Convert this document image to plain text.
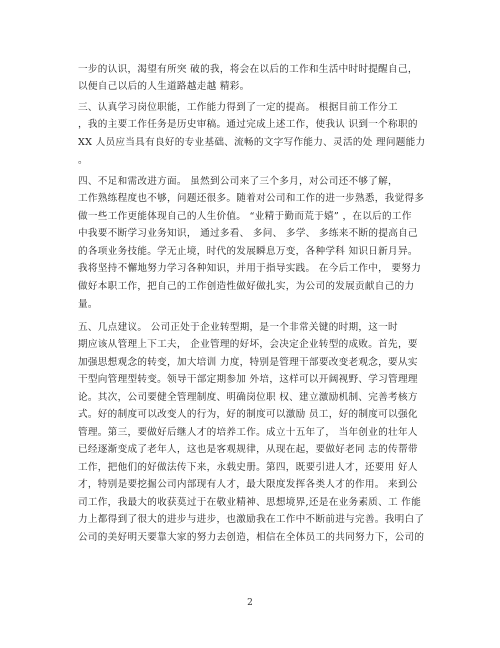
一步的认识，渴望有所突 破的我，将会在以后的工作和生活中时时提醒自己，
以便自己以后的人生道路越走越 精彩。
三、认真学习岗位职能，工作能力得到了一定的提高。 根据目前工作分工
，我的主要工作任务是历史审稿。通过完成上述工作，使我认 识到一个称职的
XX 人员应当具有良好的专业基础、流畅的文字写作能力、灵活的处 理问题能力
。
四、不足和需改进方面。 虽然到公司来了三个多月，对公司还不够了解，
工作熟练程度也不够，问题还很多。随着对公司和工作的进一步熟悉，我觉得多
做一些工作更能体现自己的人生价值。 “业精于勤而荒于嬉” ，在以后的工作
中我要不断学习业务知识， 通过多看、 多问、 多学、 多练来不断的提高自己
的各项业务技能。学无止境，时代的发展瞬息万变，各种学科 知识日新月异。
我将坚持不懈地努力学习各种知识，并用于指导实践。 在今后工作中， 要努力
做好本职工作，把自己的工作创造性做好做扎实，为公司的发展贡献自己的力
量。
五、几点建议。 公司正处于企业转型期，是一个非常关键的时期，这一时
期应该从管理上下工夫， 企业管理的好坏，会决定企业转型的成败。首先，要
加强思想观念的转变，加大培训 力度，特别是管理干部要改变老观念，要从实
干型向管理型转变。领导干部定期参加 外培，这样可以开阔视野、学习管理理
论。其次，公司要健全管理制度、明确岗位职 权、建立激励机制、完善考核方
式。好的制度可以改变人的行为，好的制度可以激励 员工，好的制度可以强化
管理。第三，要做好后继人才的培养工作。成立十五年了， 当年创业的壮年人
已经逐渐变成了老年人，这也是客观规律，从现在起，要做好老同 志的传帮带
工作，把他们的好做法传下来，永载史册。第四，既要引进人才，还要用 好人
才，特别是要挖掘公司内部现有人才，最大限度发挥各类人才的作用。 来到公
司工作，我最大的收获莫过于在敬业精神、思想境界,还是在业务素质、工 作能
力上都得到了很大的进步与进步，也激励我在工作中不断前进与完善。我明白了
公司的美好明天要靠大家的努力去创造，相信在全体员工的共同努力下，公司的
2
